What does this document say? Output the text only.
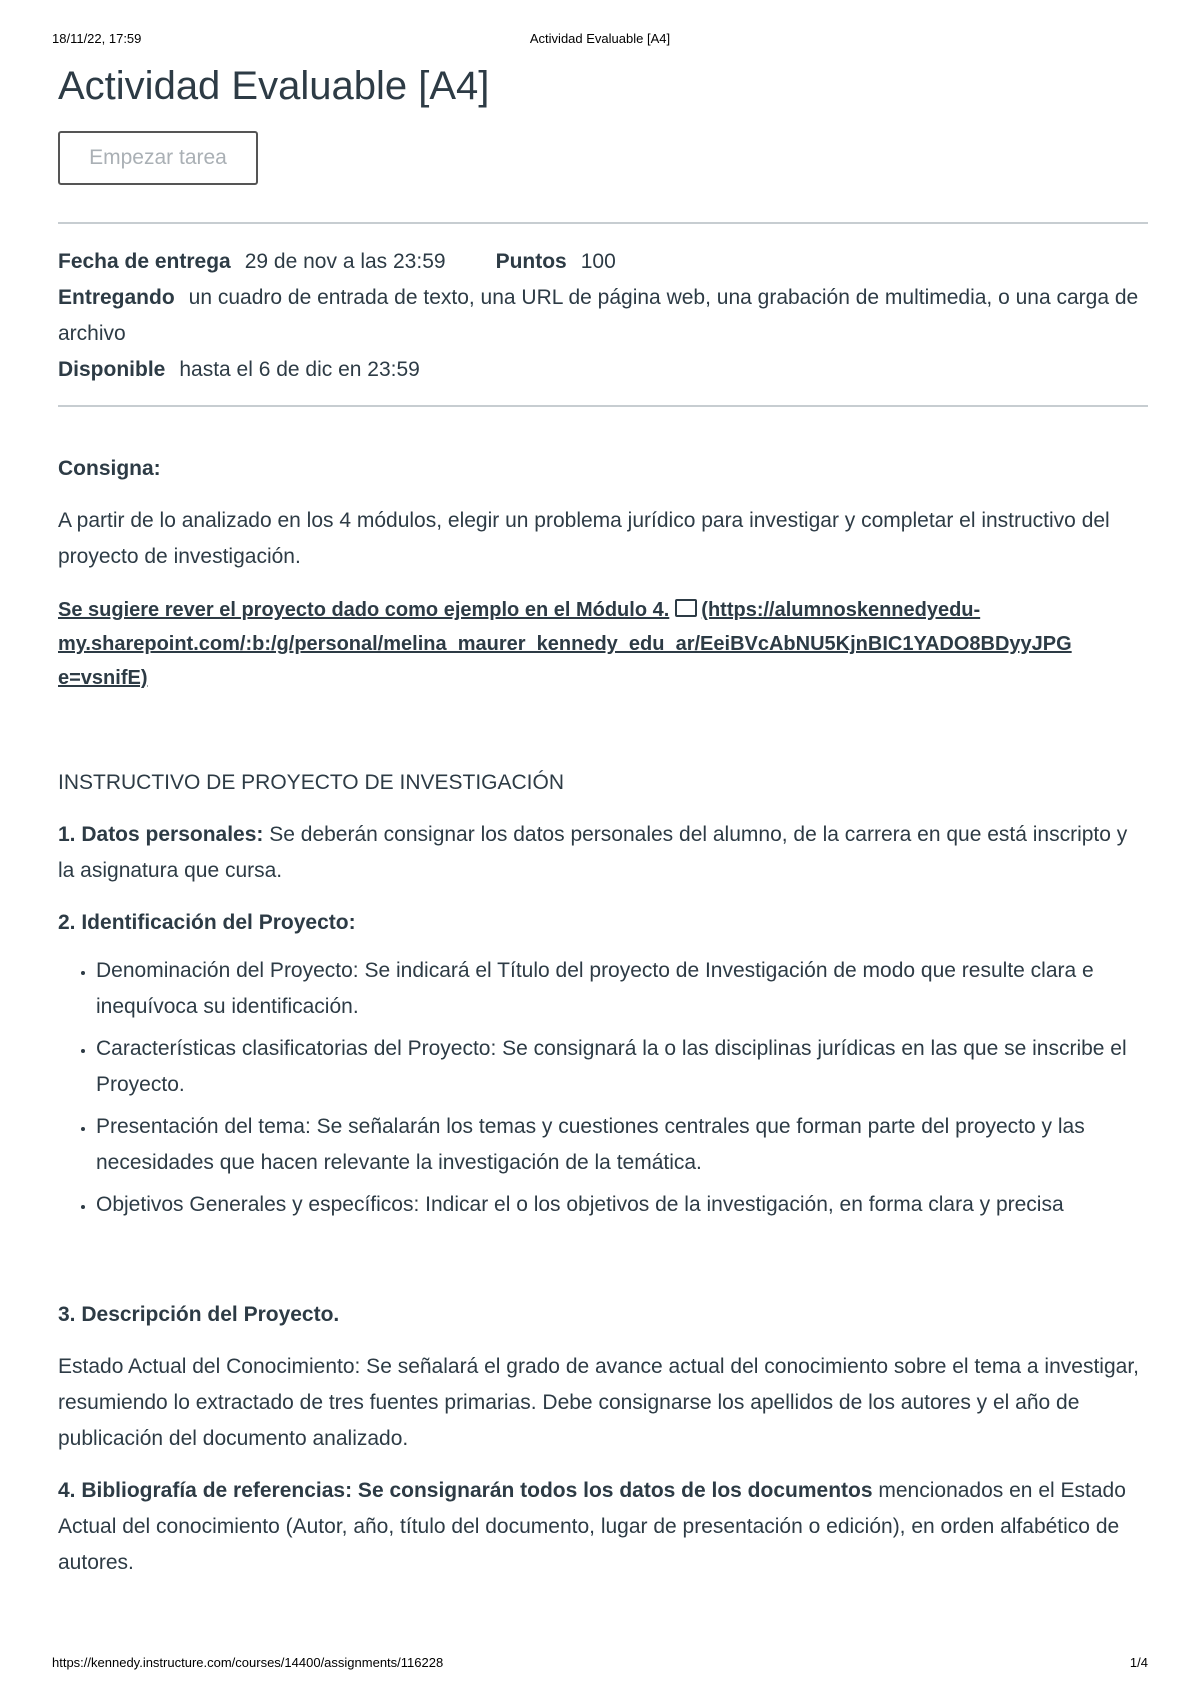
18/11/22, 17:59	Actividad Evaluable [A4]
Actividad Evaluable [A4]
Empezar tarea
Fecha de entrega 29 de nov a las 23:59 Puntos 100
Entregando un cuadro de entrada de texto, una URL de página web, una grabación de multimedia, o una carga de archivo
Disponible hasta el 6 de dic en 23:59

Consigna:

A partir de lo analizado en los 4 módulos, elegir un problema jurídico para investigar y completar el instructivo del proyecto de investigación.

Se sugiere rever el proyecto dado como ejemplo en el Módulo 4. (https://alumnoskennedyedu-
my.sharepoint.com/:b:/g/personal/melina_maurer_kennedy_edu_ar/EeiBVcAbNU5KjnBIC1YADO8BDyyJPG
e=vsnifE)

INSTRUCTIVO DE PROYECTO DE INVESTIGACIÓN

1. Datos personales: Se deberán consignar los datos personales del alumno, de la carrera en que está inscripto y la asignatura que cursa.

2. Identificación del Proyecto:

• Denominación del Proyecto: Se indicará el Título del proyecto de Investigación de modo que resulte clara e inequívoca su identificación.
• Características clasificatorias del Proyecto: Se consignará la o las disciplinas jurídicas en las que se inscribe el Proyecto.
• Presentación del tema: Se señalarán los temas y cuestiones centrales que forman parte del proyecto y las necesidades que hacen relevante la investigación de la temática.
• Objetivos Generales y específicos: Indicar el o los objetivos de la investigación, en forma clara y precisa

3. Descripción del Proyecto.

Estado Actual del Conocimiento: Se señalará el grado de avance actual del conocimiento sobre el tema a investigar, resumiendo lo extractado de tres fuentes primarias. Debe consignarse los apellidos de los autores y el año de publicación del documento analizado.

4. Bibliografía de referencias: Se consignarán todos los datos de los documentos mencionados en el Estado Actual del conocimiento (Autor, año, título del documento, lugar de presentación o edición), en orden alfabético de autores.

https://kennedy.instructure.com/courses/14400/assignments/116228	1/4
